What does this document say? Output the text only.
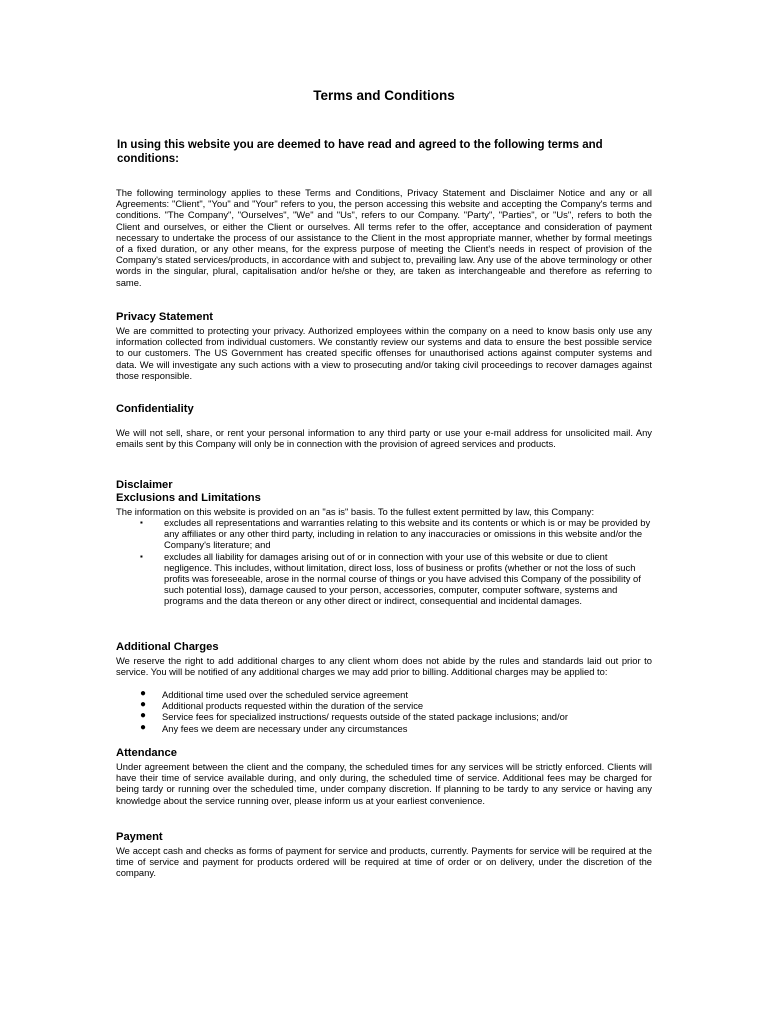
Terms and Conditions

In using this website you are deemed to have read and agreed to the following terms and conditions:

The following terminology applies to these Terms and Conditions, Privacy Statement and Disclaimer Notice and any or all Agreements: "Client", "You" and "Your" refers to you, the person accessing this website and accepting the Company's terms and conditions. "The Company", "Ourselves", "We" and "Us", refers to our Company. "Party", "Parties", or "Us", refers to both the Client and ourselves, or either the Client or ourselves. All terms refer to the offer, acceptance and consideration of payment necessary to undertake the process of our assistance to the Client in the most appropriate manner, whether by formal meetings of a fixed duration, or any other means, for the express purpose of meeting the Client's needs in respect of provision of the Company's stated services/products, in accordance with and subject to, prevailing law. Any use of the above terminology or other words in the singular, plural, capitalisation and/or he/she or they, are taken as interchangeable and therefore as referring to same.

Privacy Statement

We are committed to protecting your privacy. Authorized employees within the company on a need to know basis only use any information collected from individual customers. We constantly review our systems and data to ensure the best possible service to our customers. The US Government has created specific offenses for unauthorised actions against computer systems and data. We will investigate any such actions with a view to prosecuting and/or taking civil proceedings to recover damages against those responsible.

Confidentiality

We will not sell, share, or rent your personal information to any third party or use your e-mail address for unsolicited mail. Any emails sent by this Company will only be in connection with the provision of agreed services and products.

Disclaimer
Exclusions and Limitations

The information on this website is provided on an "as is" basis. To the fullest extent permitted by law, this Company:

▪ excludes all representations and warranties relating to this website and its contents or which is or may be provided by any affiliates or any other third party, including in relation to any inaccuracies or omissions in this website and/or the Company's literature; and
▪ excludes all liability for damages arising out of or in connection with your use of this website or due to client negligence. This includes, without limitation, direct loss, loss of business or profits (whether or not the loss of such profits was foreseeable, arose in the normal course of things or you have advised this Company of the possibility of such potential loss), damage caused to your person, accessories, computer, computer software, systems and programs and the data thereon or any other direct or indirect, consequential and incidental damages.
Additional Charges

We reserve the right to add additional charges to any client whom does not abide by the rules and standards laid out prior to service. You will be notified of any additional charges we may add prior to billing. Additional charges may be applied to:

● Additional time used over the scheduled service agreement
● Additional products requested within the duration of the service
● Service fees for specialized instructions/ requests outside of the stated package inclusions; and/or
● Any fees we deem are necessary under any circumstances
Attendance

Under agreement between the client and the company, the scheduled times for any services will be strictly enforced. Clients will have their time of service available during, and only during, the scheduled time of service. Additional fees may be charged for being tardy or running over the scheduled time, under company discretion. If planning to be tardy to any service or having any knowledge about the service running over, please inform us at your earliest convenience.

Payment

We accept cash and checks as forms of payment for service and products, currently. Payments for service will be required at the time of service and payment for products ordered will be required at time of order or on delivery, under the discretion of the company.
